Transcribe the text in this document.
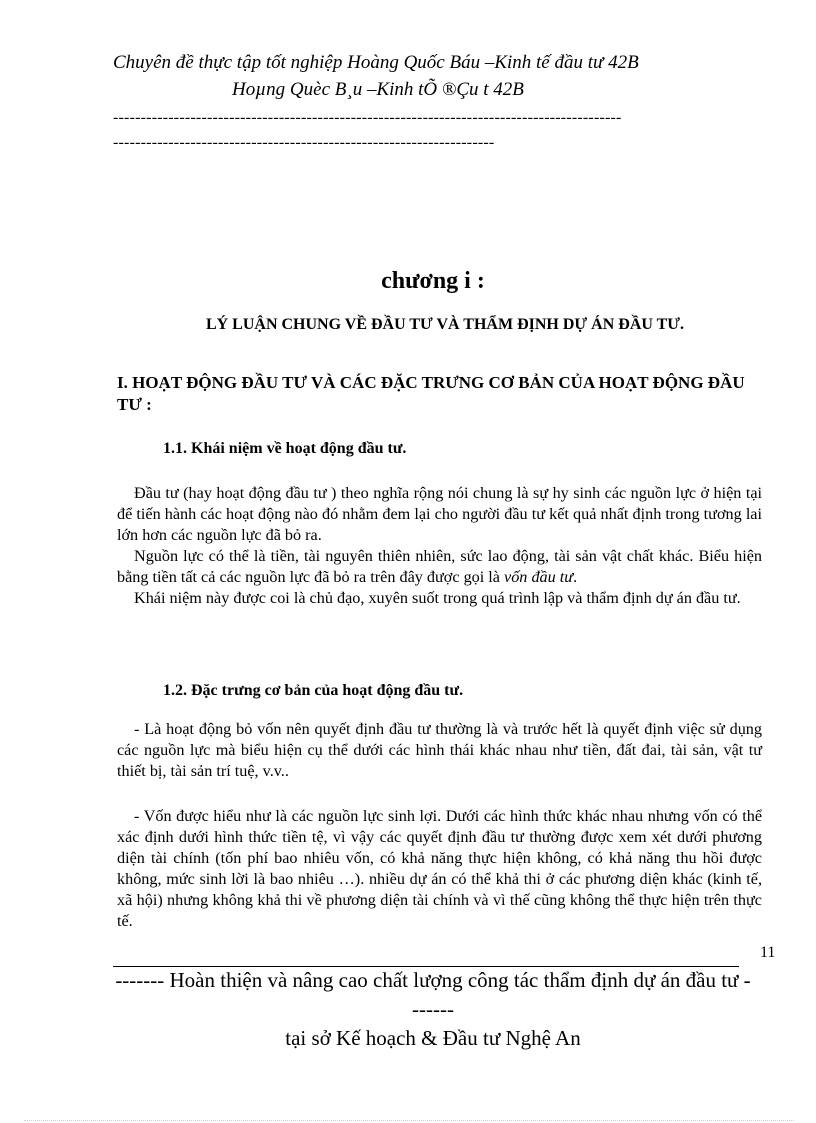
Chuyên đề thực tập tốt nghiệp Hoàng Quốc Báu –Kinh tế đầu tư 42B
Hoµng Quèc B¸u –Kinh tÕ ®Çu t 42B
--------------------------------------------------------------------------------------------
---------------------------------------------------------------------
chương i :
LÝ LUẬN CHUNG VỀ ĐẦU TƯ VÀ THẨM ĐỊNH DỰ ÁN ĐẦU TƯ.
I. HOẠT ĐỘNG ĐẦU TƯ VÀ CÁC ĐẶC TRƯNG CƠ BẢN CỦA HOẠT ĐỘNG ĐẦU TƯ :
1.1. Khái niệm về hoạt động đầu tư.

Đầu tư (hay hoạt động đầu tư ) theo nghĩa rộng nói chung là sự hy sinh các nguồn lực ở hiện tại để tiến hành các hoạt động nào đó nhằm đem lại cho người đầu tư kết quả nhất định trong tương lai lớn hơn các nguồn lực đã bỏ ra.

Nguồn lực có thể là tiền, tài nguyên thiên nhiên, sức lao động, tài sản vật chất khác. Biểu hiện bằng tiền tất cả các nguồn lực đã bỏ ra trên đây được gọi là vốn đầu tư.

Khái niệm này được coi là chủ đạo, xuyên suốt trong quá trình lập và thẩm định dự án đầu tư.

1.2. Đặc trưng cơ bản của hoạt động đầu tư.

- Là hoạt động bỏ vốn nên quyết định đầu tư thường là và trước hết là quyết định việc sử dụng các nguồn lực mà biểu hiện cụ thể dưới các hình thái khác nhau như tiền, đất đai, tài sản, vật tư thiết bị, tài sản trí tuệ, v.v..

- Vốn được hiểu như là các nguồn lực sinh lợi. Dưới các hình thức khác nhau nhưng vốn có thể xác định dưới hình thức tiền tệ, vì vậy các quyết định đầu tư thường được xem xét dưới phương diện tài chính (tốn phí bao nhiêu vốn, có khả năng thực hiện không, có khả năng thu hồi được không, mức sinh lời là bao nhiêu …). nhiều dự án có thể khả thi ở các phương diện khác (kinh tế, xã hội) nhưng không khả thi về phương diện tài chính và vì thế cũng không thể thực hiện trên thực tế.

11
------- Hoàn thiện và nâng cao chất lượng công tác thẩm định dự án đầu tư -------
tại sở Kế hoạch & Đầu tư Nghệ An
